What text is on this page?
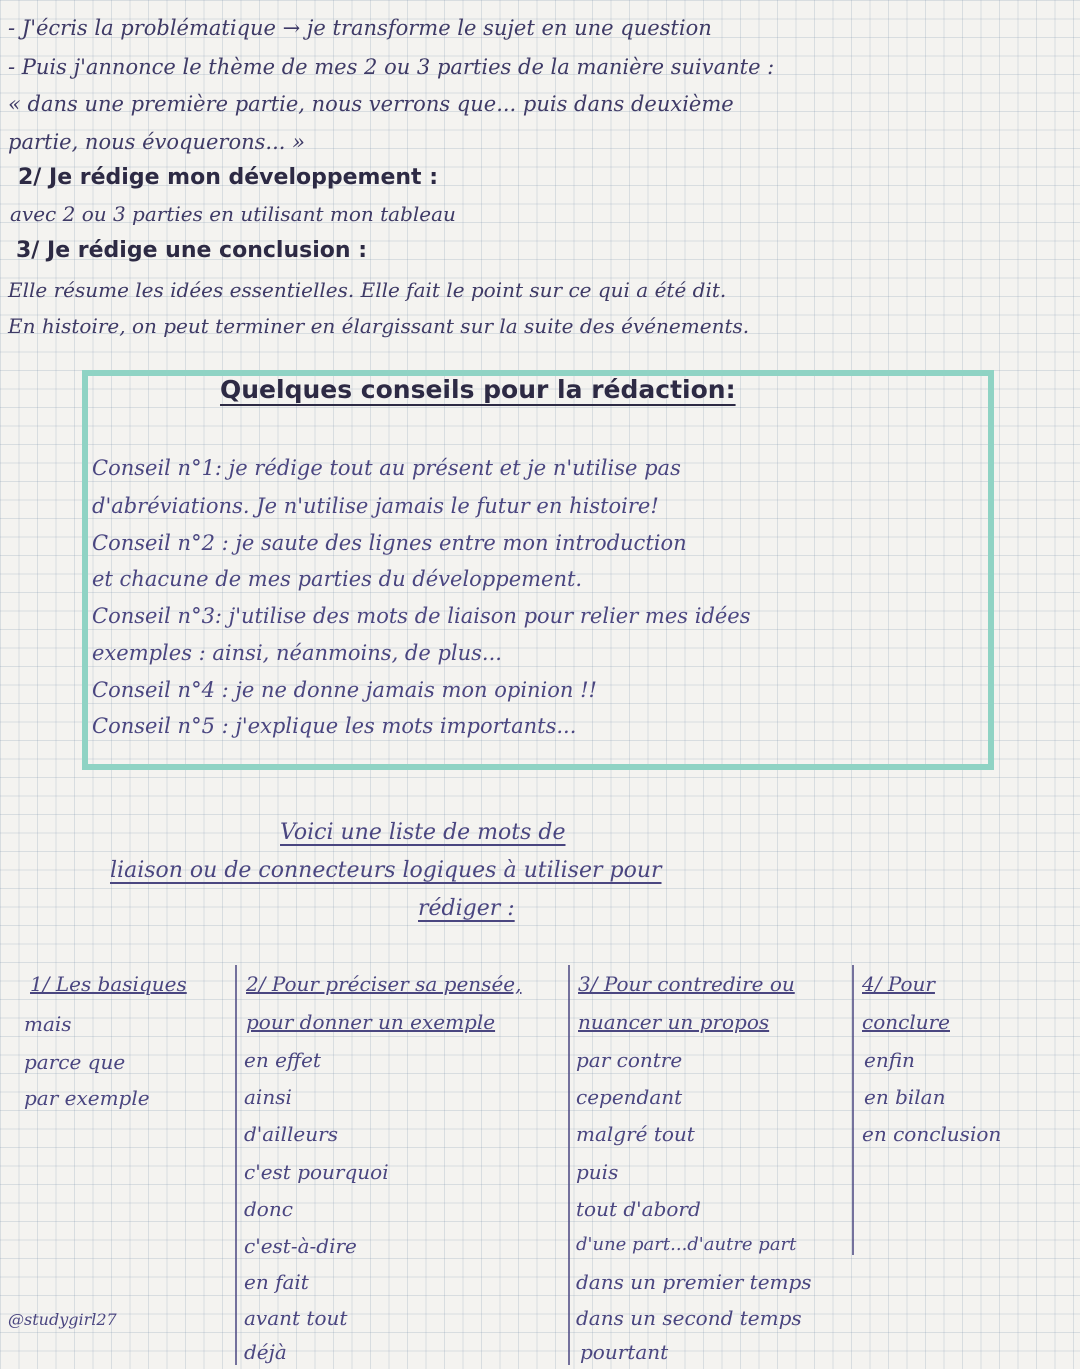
- J'écris la problématique → je transforme le sujet en une question
- Puis j'annonce le thème de mes 2 ou 3 parties de la manière suivante :
« dans une première partie, nous verrons que... puis dans deuxième
partie, nous évoquerons... »
2/ Je rédige mon développement :
avec 2 ou 3 parties en utilisant mon tableau
3/ Je rédige une conclusion :
Elle résume les idées essentielles. Elle fait le point sur ce qui a été dit.
En histoire, on peut terminer en élargissant sur la suite des événements.
Quelques conseils pour la rédaction:
Conseil n°1: je rédige tout au présent et je n'utilise pas
d'abréviations. Je n'utilise jamais le futur en histoire!
Conseil n°2 : je saute des lignes entre mon introduction
et chacune de mes parties du développement.
Conseil n°3: j'utilise des mots de liaison pour relier mes idées
exemples : ainsi, néanmoins, de plus...
Conseil n°4 : je ne donne jamais mon opinion !!
Conseil n°5 : j'explique les mots importants...
Voici une liste de mots de
liaison ou de connecteurs logiques à utiliser pour
rédiger :
1/ Les basiques
mais
parce que
par exemple
2/ Pour préciser sa pensée,
pour donner un exemple
en effet
ainsi
d'ailleurs
c'est pourquoi
donc
c'est-à-dire
en fait
avant tout
déjà
3/ Pour contredire ou
nuancer un propos
par contre
cependant
malgré tout
puis
tout d'abord
d'une part...d'autre part
dans un premier temps
dans un second temps
pourtant
4/ Pour
conclure
enfin
en bilan
en conclusion
@studygirl27
